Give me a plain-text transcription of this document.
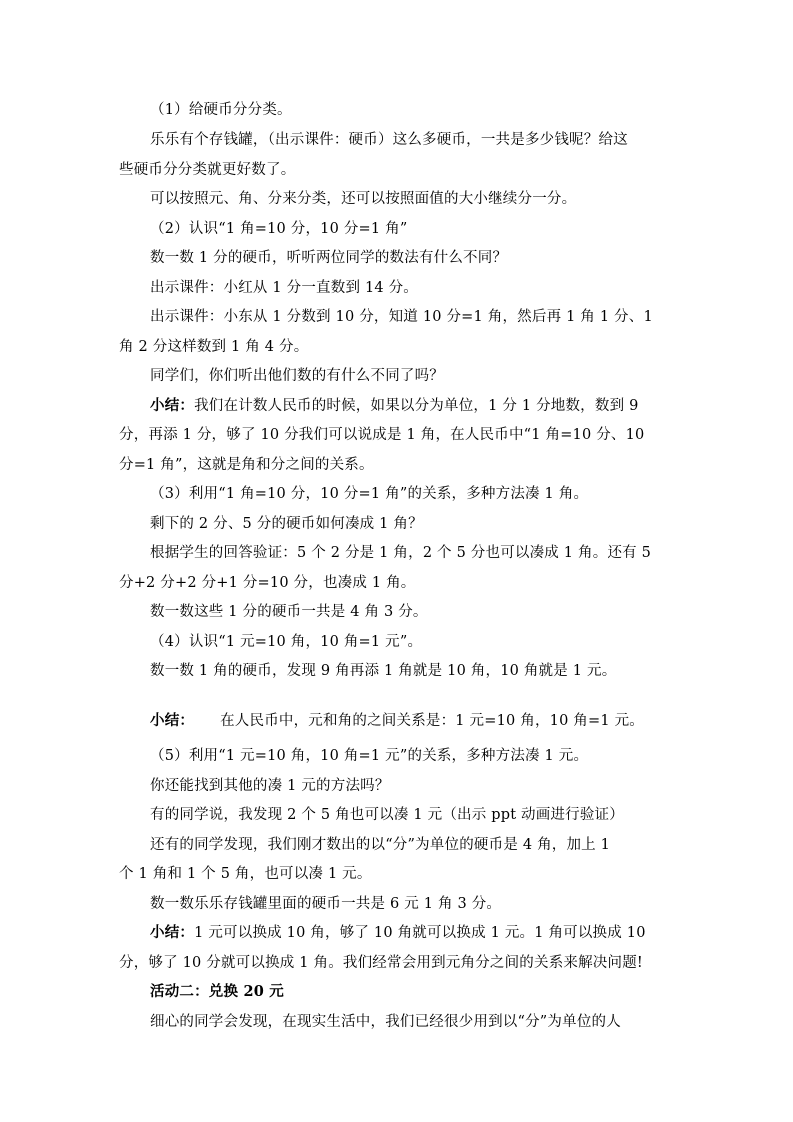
（1）给硬币分分类。
乐乐有个存钱罐，（出示课件：硬币）这么多硬币，一共是多少钱呢？给这
些硬币分分类就更好数了。
可以按照元、角、分来分类，还可以按照面值的大小继续分一分。
（2）认识“1 角=10 分，10 分=1 角”
数一数 1 分的硬币，听听两位同学的数法有什么不同？
出示课件：小红从 1 分一直数到 14 分。
出示课件：小东从 1 分数到 10 分，知道 10 分=1 角，然后再 1 角 1 分、1
角 2 分这样数到 1 角 4 分。
同学们，你们听出他们数的有什么不同了吗？
小结：我们在计数人民币的时候，如果以分为单位，1 分 1 分地数，数到 9
分，再添 1 分，够了 10 分我们可以说成是 1 角，在人民币中“1 角=10 分、10
分=1 角”，这就是角和分之间的关系。
（3）利用“1 角=10 分，10 分=1 角”的关系，多种方法凑 1 角。
剩下的 2 分、5 分的硬币如何凑成 1 角？
根据学生的回答验证：5 个 2 分是 1 角，2 个 5 分也可以凑成 1 角。还有 5
分+2 分+2 分+1 分=10 分，也凑成 1 角。
数一数这些 1 分的硬币一共是 4 角 3 分。
（4）认识“1 元=10 角，10 角=1 元”。
数一数 1 角的硬币，发现 9 角再添 1 角就是 10 角，10 角就是 1 元。
小结： 在人民币中，元和角的之间关系是：1 元=10 角，10 角=1 元。
（5）利用“1 元=10 角，10 角=1 元”的关系，多种方法凑 1 元。
你还能找到其他的凑 1 元的方法吗？
有的同学说，我发现 2 个 5 角也可以凑 1 元（出示 ppt 动画进行验证）
还有的同学发现，我们刚才数出的以“分”为单位的硬币是 4 角，加上 1
个 1 角和 1 个 5 角，也可以凑 1 元。
数一数乐乐存钱罐里面的硬币一共是 6 元 1 角 3 分。
小结：1 元可以换成 10 角，够了 10 角就可以换成 1 元。1 角可以换成 10
分，够了 10 分就可以换成 1 角。我们经常会用到元角分之间的关系来解决问题!
活动二：兑换 20 元
细心的同学会发现，在现实生活中，我们已经很少用到以“分”为单位的人
